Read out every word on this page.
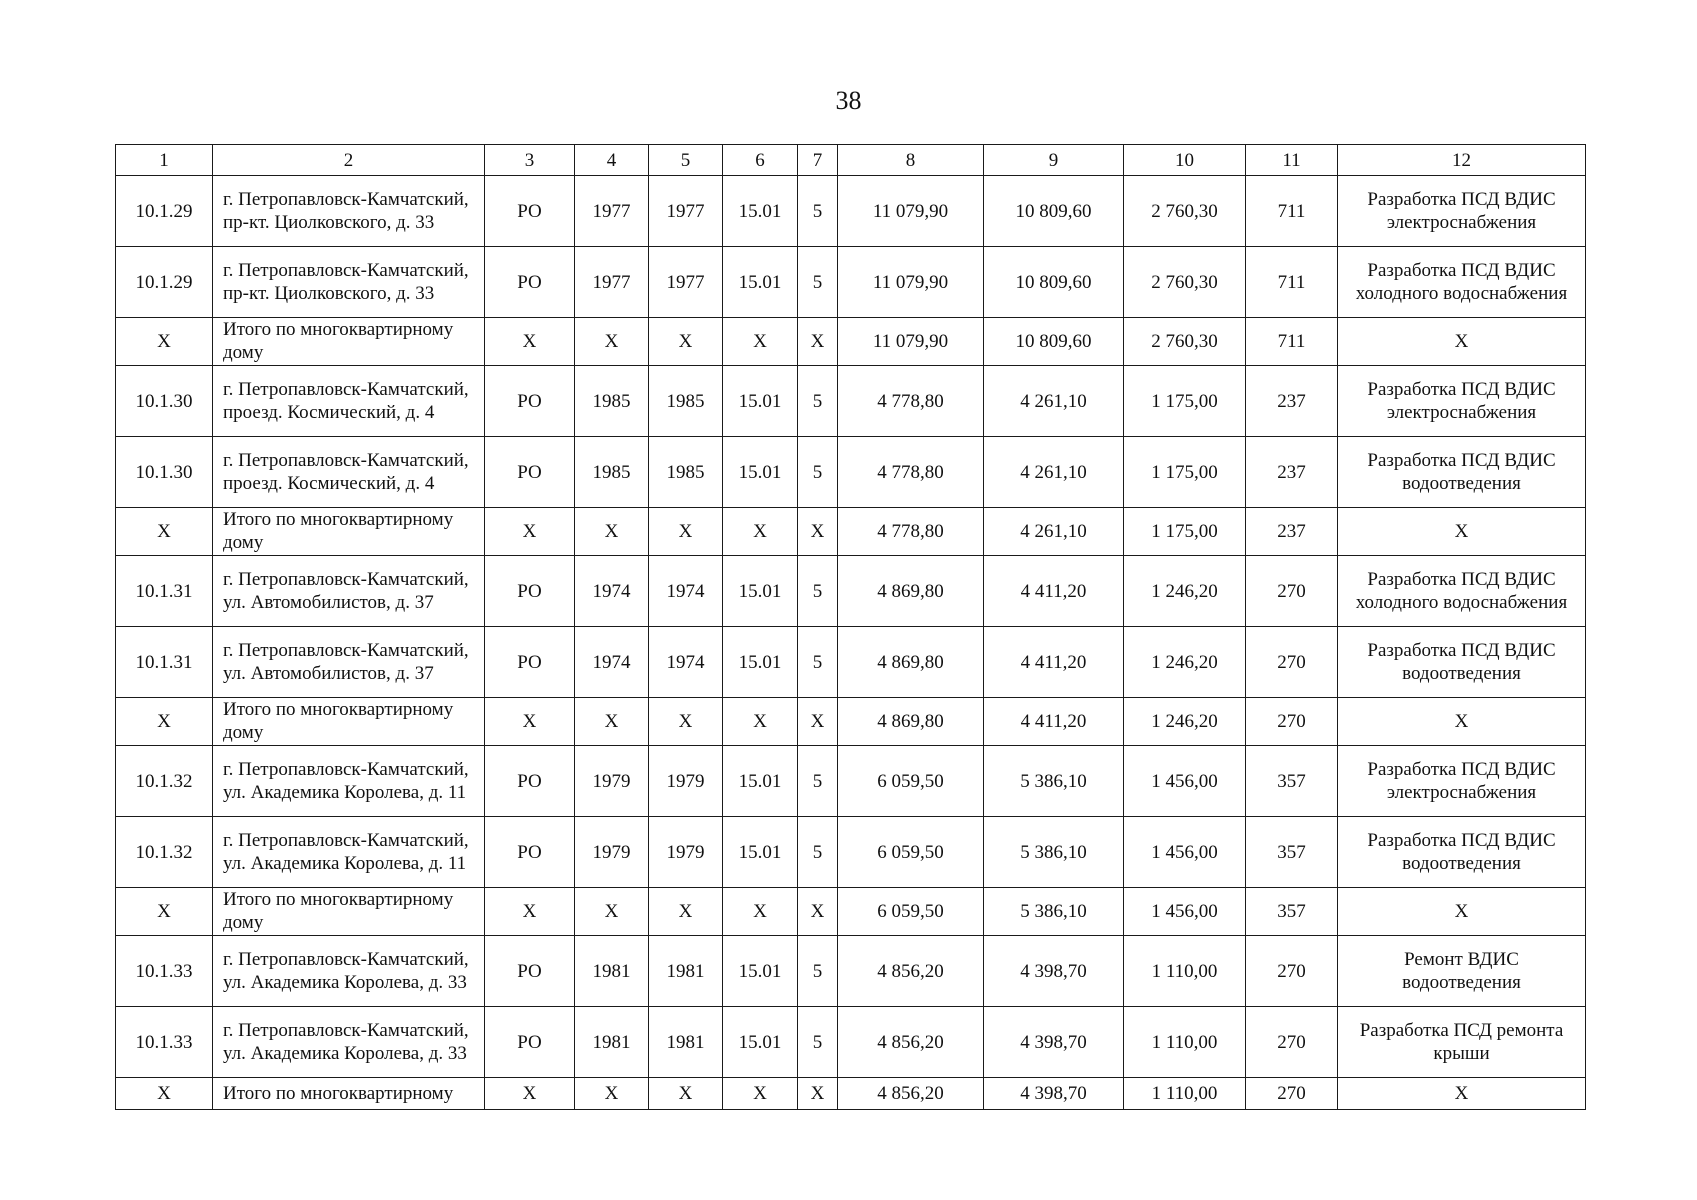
38
1	2	3	4	5	6	7	8	9	10	11	12
10.1.29	г. Петропавловск-Камчатский, пр-кт. Циолковского, д. 33	РО	1977	1977	15.01	5	11 079,90	10 809,60	2 760,30	711	Разработка ПСД ВДИС электроснабжения
10.1.29	г. Петропавловск-Камчатский, пр-кт. Циолковского, д. 33	РО	1977	1977	15.01	5	11 079,90	10 809,60	2 760,30	711	Разработка ПСД ВДИС холодного водоснабжения
Х	Итого по многоквартирному дому	Х	Х	Х	Х	Х	11 079,90	10 809,60	2 760,30	711	Х
10.1.30	г. Петропавловск-Камчатский, проезд. Космический, д. 4	РО	1985	1985	15.01	5	4 778,80	4 261,10	1 175,00	237	Разработка ПСД ВДИС электроснабжения
10.1.30	г. Петропавловск-Камчатский, проезд. Космический, д. 4	РО	1985	1985	15.01	5	4 778,80	4 261,10	1 175,00	237	Разработка ПСД ВДИС водоотведения
Х	Итого по многоквартирному дому	Х	Х	Х	Х	Х	4 778,80	4 261,10	1 175,00	237	Х
10.1.31	г. Петропавловск-Камчатский, ул. Автомобилистов, д. 37	РО	1974	1974	15.01	5	4 869,80	4 411,20	1 246,20	270	Разработка ПСД ВДИС холодного водоснабжения
10.1.31	г. Петропавловск-Камчатский, ул. Автомобилистов, д. 37	РО	1974	1974	15.01	5	4 869,80	4 411,20	1 246,20	270	Разработка ПСД ВДИС водоотведения
Х	Итого по многоквартирному дому	Х	Х	Х	Х	Х	4 869,80	4 411,20	1 246,20	270	Х
10.1.32	г. Петропавловск-Камчатский, ул. Академика Королева, д. 11	РО	1979	1979	15.01	5	6 059,50	5 386,10	1 456,00	357	Разработка ПСД ВДИС электроснабжения
10.1.32	г. Петропавловск-Камчатский, ул. Академика Королева, д. 11	РО	1979	1979	15.01	5	6 059,50	5 386,10	1 456,00	357	Разработка ПСД ВДИС водоотведения
Х	Итого по многоквартирному дому	Х	Х	Х	Х	Х	6 059,50	5 386,10	1 456,00	357	Х
10.1.33	г. Петропавловск-Камчатский, ул. Академика Королева, д. 33	РО	1981	1981	15.01	5	4 856,20	4 398,70	1 110,00	270	Ремонт ВДИС водоотведения
10.1.33	г. Петропавловск-Камчатский, ул. Академика Королева, д. 33	РО	1981	1981	15.01	5	4 856,20	4 398,70	1 110,00	270	Разработка ПСД ремонта крыши
Х	Итого по многоквартирному	Х	Х	Х	Х	Х	4 856,20	4 398,70	1 110,00	270	Х
